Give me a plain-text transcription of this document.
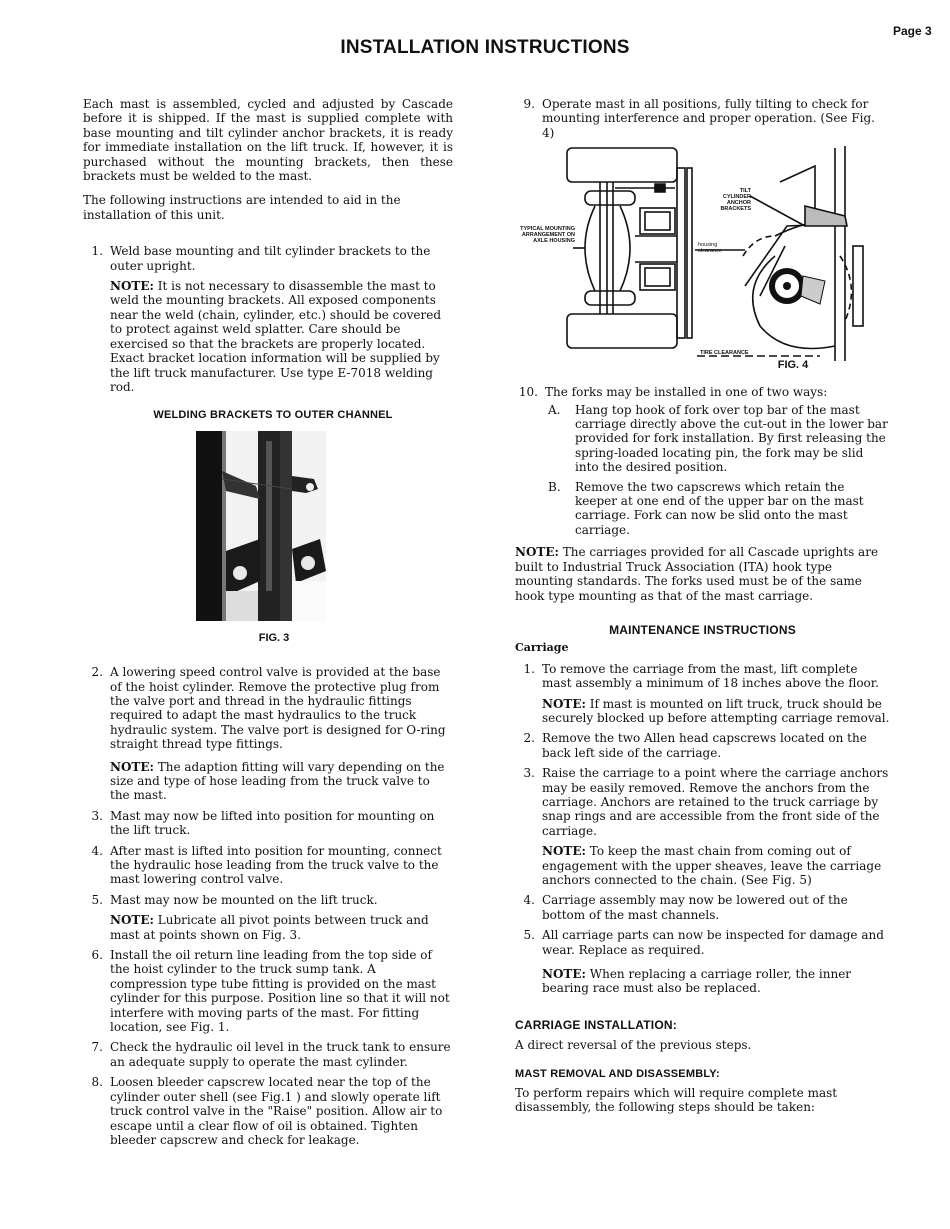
Page 3
INSTALLATION INSTRUCTIONS

Each mast is assembled, cycled and adjusted by Cascade before it is shipped. If the mast is supplied complete with base mounting and tilt cylinder anchor brackets, it is ready for immediate installation on the lift truck. If, however, it is purchased without the mounting brackets, then these brackets must be welded to the mast.

The following instructions are intended to aid in the installation of this unit.

1. Weld base mounting and tilt cylinder brackets to the outer upright.

NOTE: It is not necessary to disassemble the mast to weld the mounting brackets. All exposed components near the weld (chain, cylinder, etc.) should be covered to protect against weld splatter. Care should be exercised so that the brackets are properly located. Exact bracket location information will be supplied by the lift truck manufacturer. Use type E-7018 welding rod.

WELDING BRACKETS TO OUTER CHANNEL
FIG. 3
2. A lowering speed control valve is provided at the base of the hoist cylinder. Remove the protective plug from the valve port and thread in the hydraulic fittings required to adapt the mast hydraulics to the truck hydraulic system. The valve port is designed for O-ring straight thread type fittings.

NOTE: The adaption fitting will vary depending on the size and type of hose leading from the truck valve to the mast.

3. Mast may now be lifted into position for mounting on the lift truck.

4. After mast is lifted into position for mounting, connect the hydraulic hose leading from the truck valve to the mast lowering control valve.

5. Mast may now be mounted on the lift truck.

NOTE: Lubricate all pivot points between truck and mast at points shown on Fig. 3.

6. Install the oil return line leading from the top side of the hoist cylinder to the truck sump tank. A compression type tube fitting is provided on the mast cylinder for this purpose. Position line so that it will not interfere with moving parts of the mast. For fitting location, see Fig. 1.

7. Check the hydraulic oil level in the truck tank to ensure an adequate supply to operate the mast cylinder.

8. Loosen bleeder capscrew located near the top of the cylinder outer shell (see Fig.1 ) and slowly operate lift truck control valve in the "Raise" position. Allow air to escape until a clear flow of oil is obtained. Tighten bleeder capscrew and check for leakage.

9. Operate mast in all positions, fully tilting to check for mounting interference and proper operation. (See Fig. 4)

TILT CYLINDER ANCHOR BRACKETS
TYPICAL MOUNTING ARRANGEMENT ON AXLE HOUSING
housing clearance
TIRE CLEARANCE
FIG. 4
10. The forks may be installed in one of two ways:

A.	Hang top hook of fork over top bar of the mast carriage directly above the cut-out in the lower bar provided for fork installation. By first releasing the spring-loaded locating pin, the fork may be slid into the desired position.

B.	Remove the two capscrews which retain the keeper at one end of the upper bar on the mast carriage. Fork can now be slid onto the mast carriage.

NOTE: The carriages provided for all Cascade uprights are built to Industrial Truck Association (ITA) hook type mounting standards. The forks used must be of the same hook type mounting as that of the mast carriage.

MAINTENANCE INSTRUCTIONS

Carriage

1. To remove the carriage from the mast, lift complete mast assembly a minimum of 18 inches above the floor.

NOTE: If mast is mounted on lift truck, truck should be securely blocked up before attempting carriage removal.

2. Remove the two Allen head capscrews located on the back left side of the carriage.

3. Raise the carriage to a point where the carriage anchors may be easily removed. Remove the anchors from the carriage. Anchors are retained to the truck carriage by snap rings and are accessible from the front side of the carriage.

NOTE: To keep the mast chain from coming out of engagement with the upper sheaves, leave the carriage anchors connected to the chain. (See Fig. 5)

4. Carriage assembly may now be lowered out of the bottom of the mast channels.

5. All carriage parts can now be inspected for damage and wear. Replace as required.

NOTE: When replacing a carriage roller, the inner bearing race must also be replaced.

CARRIAGE INSTALLATION:

A direct reversal of the previous steps.

MAST REMOVAL AND DISASSEMBLY:

To perform repairs which will require complete mast disassembly, the following steps should be taken:
